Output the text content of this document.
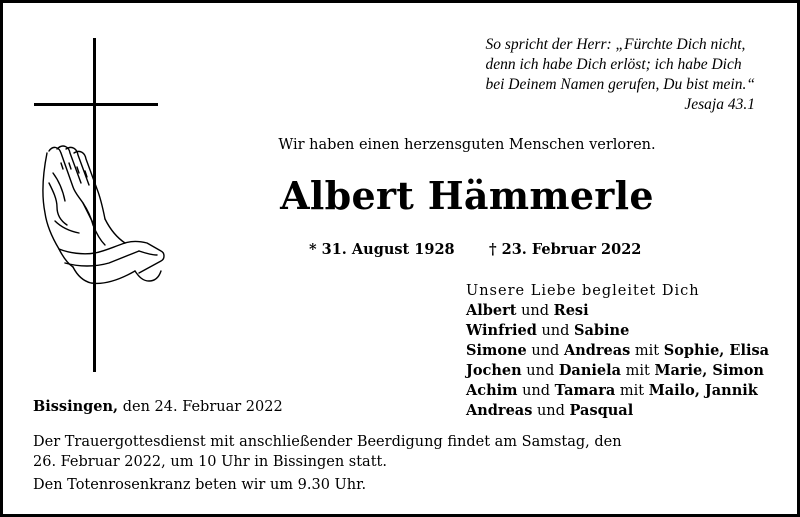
So spricht der Herr: „Fürchte Dich nicht,
denn ich habe Dich erlöst; ich habe Dich
bei Deinem Namen gerufen, Du bist mein.“
Jesaja 43.1
Wir haben einen herzensguten Menschen verloren.
Albert Hämmerle
* 31. August 1928 † 23. Februar 2022
Unsere Liebe begleitet Dich
Albert und Resi
Winfried und Sabine
Simone und Andreas mit Sophie, Elisa
Jochen und Daniela mit Marie, Simon
Achim und Tamara mit Mailo, Jannik
Andreas und Pasqual
Bissingen, den 24. Februar 2022
Der Trauergottesdienst mit anschließender Beerdigung findet am Samstag, den
26. Februar 2022, um 10 Uhr in Bissingen statt.
Den Totenrosenkranz beten wir um 9.30 Uhr.
